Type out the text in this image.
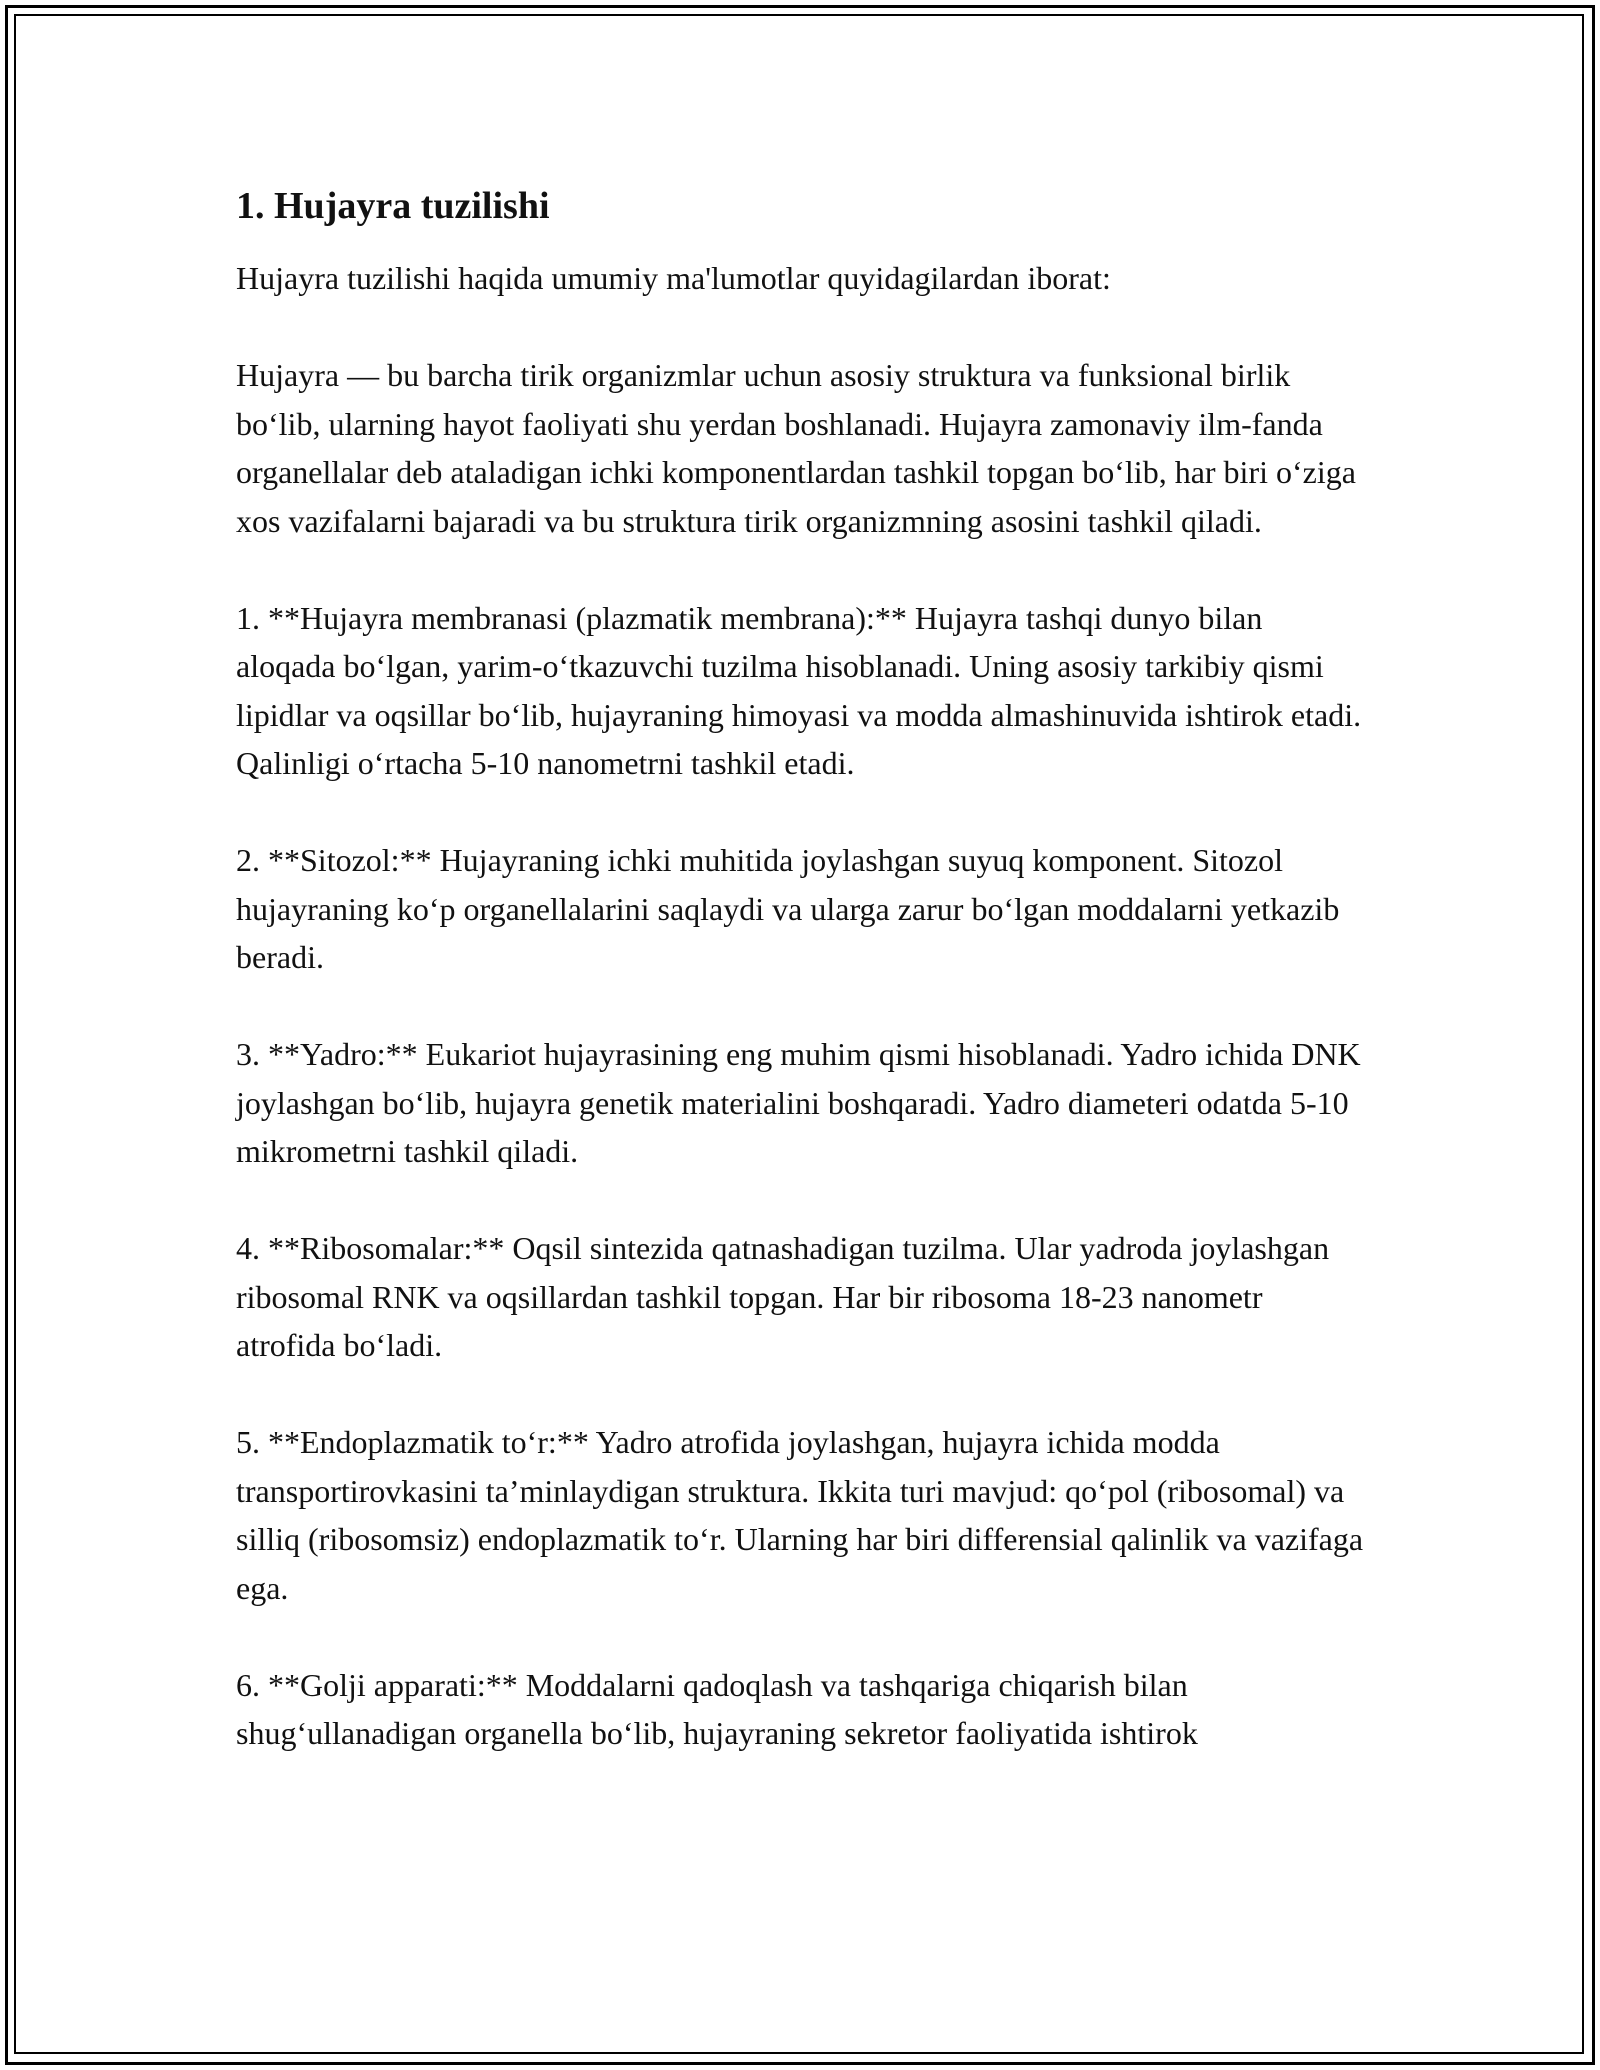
1. Hujayra tuzilishi

Hujayra tuzilishi haqida umumiy ma'lumotlar quyidagilardan iborat:

Hujayra — bu barcha tirik organizmlar uchun asosiy struktura va funksional birlik bo‘lib, ularning hayot faoliyati shu yerdan boshlanadi. Hujayra zamonaviy ilm-fanda organellalar deb ataladigan ichki komponentlardan tashkil topgan bo‘lib, har biri o‘ziga xos vazifalarni bajaradi va bu struktura tirik organizmning asosini tashkil qiladi.

1. **Hujayra membranasi (plazmatik membrana):** Hujayra tashqi dunyo bilan aloqada bo‘lgan, yarim-o‘tkazuvchi tuzilma hisoblanadi. Uning asosiy tarkibiy qismi lipidlar va oqsillar bo‘lib, hujayraning himoyasi va modda almashinuvida ishtirok etadi. Qalinligi o‘rtacha 5-10 nanometrni tashkil etadi.

2. **Sitozol:** Hujayraning ichki muhitida joylashgan suyuq komponent. Sitozol hujayraning ko‘p organellalarini saqlaydi va ularga zarur bo‘lgan moddalarni yetkazib beradi.

3. **Yadro:** Eukariot hujayrasining eng muhim qismi hisoblanadi. Yadro ichida DNK joylashgan bo‘lib, hujayra genetik materialini boshqaradi. Yadro diameteri odatda 5-10 mikrometrni tashkil qiladi.

4. **Ribosomalar:** Oqsil sintezida qatnashadigan tuzilma. Ular yadroda joylashgan ribosomal RNK va oqsillardan tashkil topgan. Har bir ribosoma 18-23 nanometr atrofida bo‘ladi.

5. **Endoplazmatik to‘r:** Yadro atrofida joylashgan, hujayra ichida modda transportirovkasini ta’minlaydigan struktura. Ikkita turi mavjud: qo‘pol (ribosomal) va silliq (ribosomsiz) endoplazmatik to‘r. Ularning har biri differensial qalinlik va vazifaga ega.

6. **Golji apparati:** Moddalarni qadoqlash va tashqariga chiqarish bilan shug‘ullanadigan organella bo‘lib, hujayraning sekretor faoliyatida ishtirok
